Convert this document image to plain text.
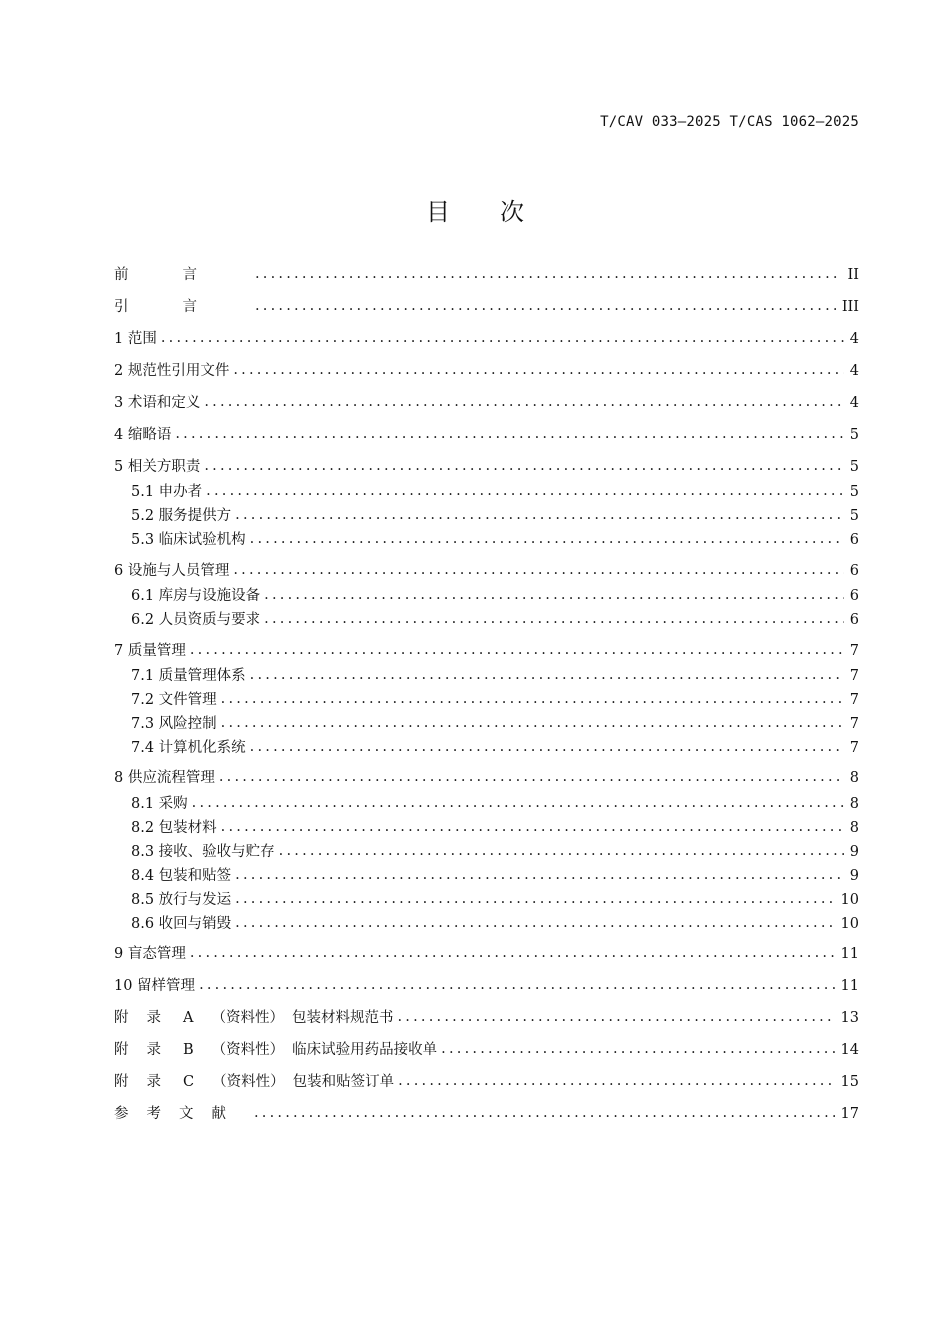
T/CAV 033—2025 T/CAS 1062—2025
目次
前言 .....	II
引言 .....	III
1 范围 .....	4
2 规范性引用文件 .....	4
3 术语和定义 .....	4
4 缩略语 .....	5
5 相关方职责 .....	5
5.1 申办者 .....	5
5.2 服务提供方 .....	5
5.3 临床试验机构 .....	6
6 设施与人员管理 .....	6
6.1 库房与设施设备 .....	6
6.2 人员资质与要求 .....	6
7 质量管理 .....	7
7.1 质量管理体系 .....	7
7.2 文件管理 .....	7
7.3 风险控制 .....	7
7.4 计算机化系统 .....	7
8 供应流程管理 .....	8
8.1 采购 .....	8
8.2 包装材料 .....	8
8.3 接收、验收与贮存 .....	9
8.4 包装和贴签 .....	9
8.5 放行与发运 .....	10
8.6 收回与销毁 .....	10
9 盲态管理 .....	11
10 留样管理 .....	11
附录 A （资料性） 包装材料规范书 .....	13
附录 B （资料性） 临床试验用药品接收单 .....	14
附录 C （资料性） 包装和贴签订单 .....	15
参考文献 .....	17
